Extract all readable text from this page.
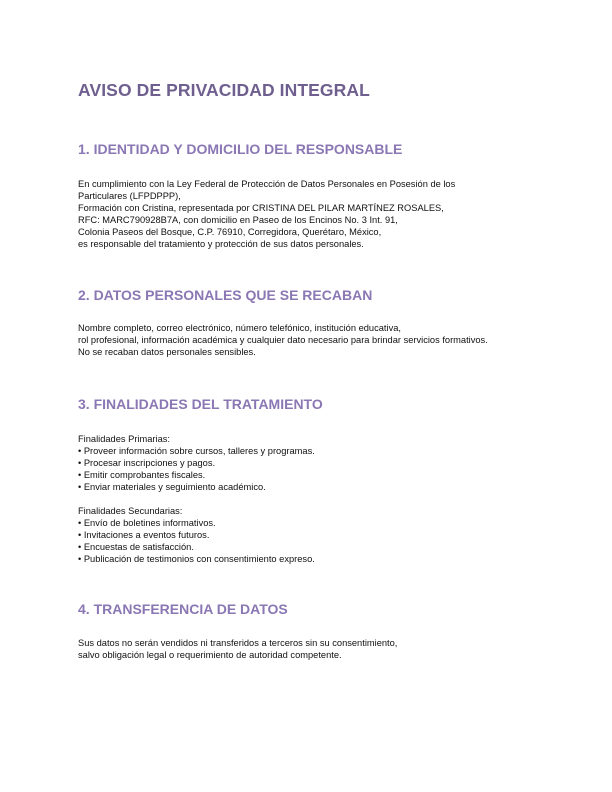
AVISO DE PRIVACIDAD INTEGRAL
1. IDENTIDAD Y DOMICILIO DEL RESPONSABLE
En cumplimiento con la Ley Federal de Protección de Datos Personales en Posesión de los
Particulares (LFPDPPP),
Formación con Cristina, representada por CRISTINA DEL PILAR MARTÍNEZ ROSALES,
RFC: MARC790928B7A, con domicilio en Paseo de los Encinos No. 3 Int. 91,
Colonia Paseos del Bosque, C.P. 76910, Corregidora, Querétaro, México,
es responsable del tratamiento y protección de sus datos personales.
2. DATOS PERSONALES QUE SE RECABAN
Nombre completo, correo electrónico, número telefónico, institución educativa,
rol profesional, información académica y cualquier dato necesario para brindar servicios formativos.
No se recaban datos personales sensibles.
3. FINALIDADES DEL TRATAMIENTO
Finalidades Primarias:
• Proveer información sobre cursos, talleres y programas.
• Procesar inscripciones y pagos.
• Emitir comprobantes fiscales.
• Enviar materiales y seguimiento académico.
Finalidades Secundarias:
• Envío de boletines informativos.
• Invitaciones a eventos futuros.
• Encuestas de satisfacción.
• Publicación de testimonios con consentimiento expreso.
4. TRANSFERENCIA DE DATOS
Sus datos no serán vendidos ni transferidos a terceros sin su consentimiento,
salvo obligación legal o requerimiento de autoridad competente.
